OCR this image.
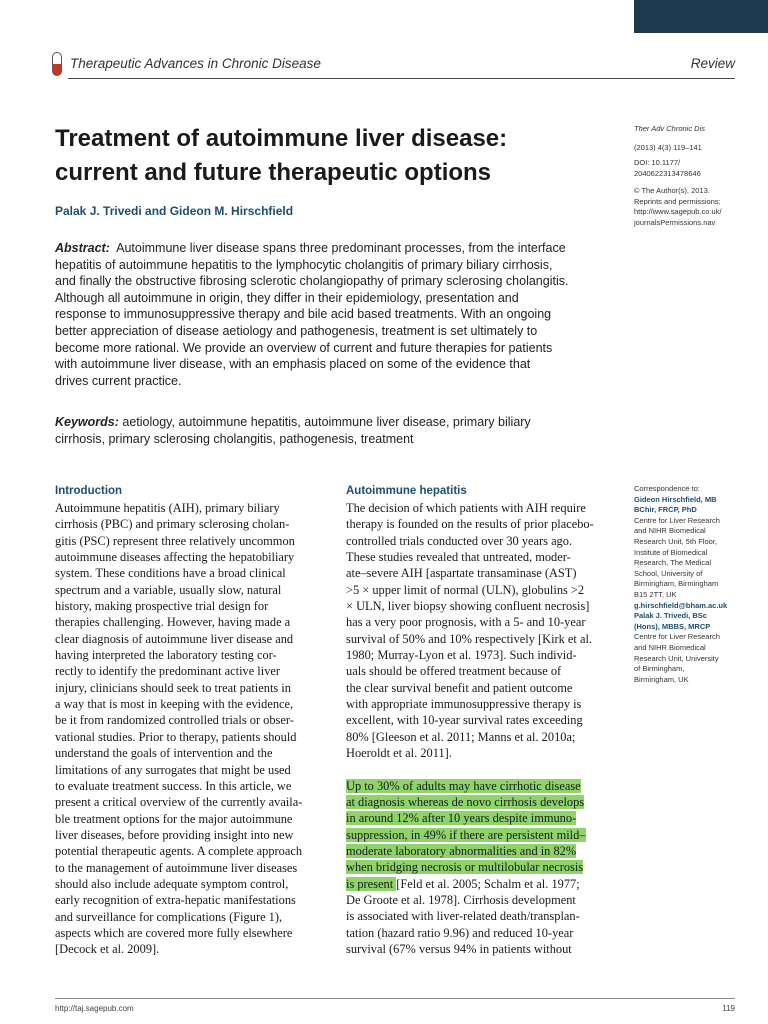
Therapeutic Advances in Chronic Disease	Review
Treatment of autoimmune liver disease:
current and future therapeutic options
Palak J. Trivedi and Gideon M. Hirschfield
Ther Adv Chronic Dis
(2013) 4(3) 119–141
DOI: 10.1177/
2040622313478646
© The Author(s), 2013.
Reprints and permissions:
http://www.sagepub.co.uk/
journalsPermissions.nav
Abstract: Autoimmune liver disease spans three predominant processes, from the interface
hepatitis of autoimmune hepatitis to the lymphocytic cholangitis of primary biliary cirrhosis,
and finally the obstructive fibrosing sclerotic cholangiopathy of primary sclerosing cholangitis.
Although all autoimmune in origin, they differ in their epidemiology, presentation and
response to immunosuppressive therapy and bile acid based treatments. With an ongoing
better appreciation of disease aetiology and pathogenesis, treatment is set ultimately to
become more rational. We provide an overview of current and future therapies for patients
with autoimmune liver disease, with an emphasis placed on some of the evidence that
drives current practice.
Keywords: aetiology, autoimmune hepatitis, autoimmune liver disease, primary biliary
cirrhosis, primary sclerosing cholangitis, pathogenesis, treatment
Introduction
Autoimmune hepatitis (AIH), primary biliary
cirrhosis (PBC) and primary sclerosing cholan-
gitis (PSC) represent three relatively uncommon
autoimmune diseases affecting the hepatobiliary
system. These conditions have a broad clinical
spectrum and a variable, usually slow, natural
history, making prospective trial design for
therapies challenging. However, having made a
clear diagnosis of autoimmune liver disease and
having interpreted the laboratory testing cor-
rectly to identify the predominant active liver
injury, clinicians should seek to treat patients in
a way that is most in keeping with the evidence,
be it from randomized controlled trials or obser-
vational studies. Prior to therapy, patients should
understand the goals of intervention and the
limitations of any surrogates that might be used
to evaluate treatment success. In this article, we
present a critical overview of the currently availa-
ble treatment options for the major autoimmune
liver diseases, before providing insight into new
potential therapeutic agents. A complete approach
to the management of autoimmune liver diseases
should also include adequate symptom control,
early recognition of extra-hepatic manifestations
and surveillance for complications (Figure 1),
aspects which are covered more fully elsewhere
[Decock et al. 2009].
Autoimmune hepatitis
The decision of which patients with AIH require
therapy is founded on the results of prior placebo-
controlled trials conducted over 30 years ago.
These studies revealed that untreated, moder-
ate–severe AIH [aspartate transaminase (AST)
>5 × upper limit of normal (ULN), globulins >2
× ULN, liver biopsy showing confluent necrosis]
has a very poor prognosis, with a 5- and 10-year
survival of 50% and 10% respectively [Kirk et al.
1980; Murray-Lyon et al. 1973]. Such individ-
uals should be offered treatment because of
the clear survival benefit and patient outcome
with appropriate immunosuppressive therapy is
excellent, with 10-year survival rates exceeding
80% [Gleeson et al. 2011; Manns et al. 2010a;
Hoeroldt et al. 2011].
Up to 30% of adults may have cirrhotic disease
at diagnosis whereas de novo cirrhosis develops
in around 12% after 10 years despite immuno-
suppression, in 49% if there are persistent mild–
moderate laboratory abnormalities and in 82%
when bridging necrosis or multilobular necrosis
is present [Feld et al. 2005; Schalm et al. 1977;
De Groote et al. 1978]. Cirrhosis development
is associated with liver-related death/transplan-
tation (hazard ratio 9.96) and reduced 10-year
survival (67% versus 94% in patients without
Correspondence to:
Gideon Hirschfield, MB
BChir, FRCP, PhD
Centre for Liver Research
and NIHR Biomedical
Research Unit, 5th Floor,
Institute of Biomedical
Research, The Medical
School, University of
Birmingham, Birmingham
B15 2TT, UK
g.hirschfield@bham.ac.uk
Palak J. Trivedi, BSc
(Hons), MBBS, MRCP
Centre for Liver Research
and NIHR Biomedical
Research Unit, University
of Birmingham,
Birmingham, UK
http://taj.sagepub.com	119
